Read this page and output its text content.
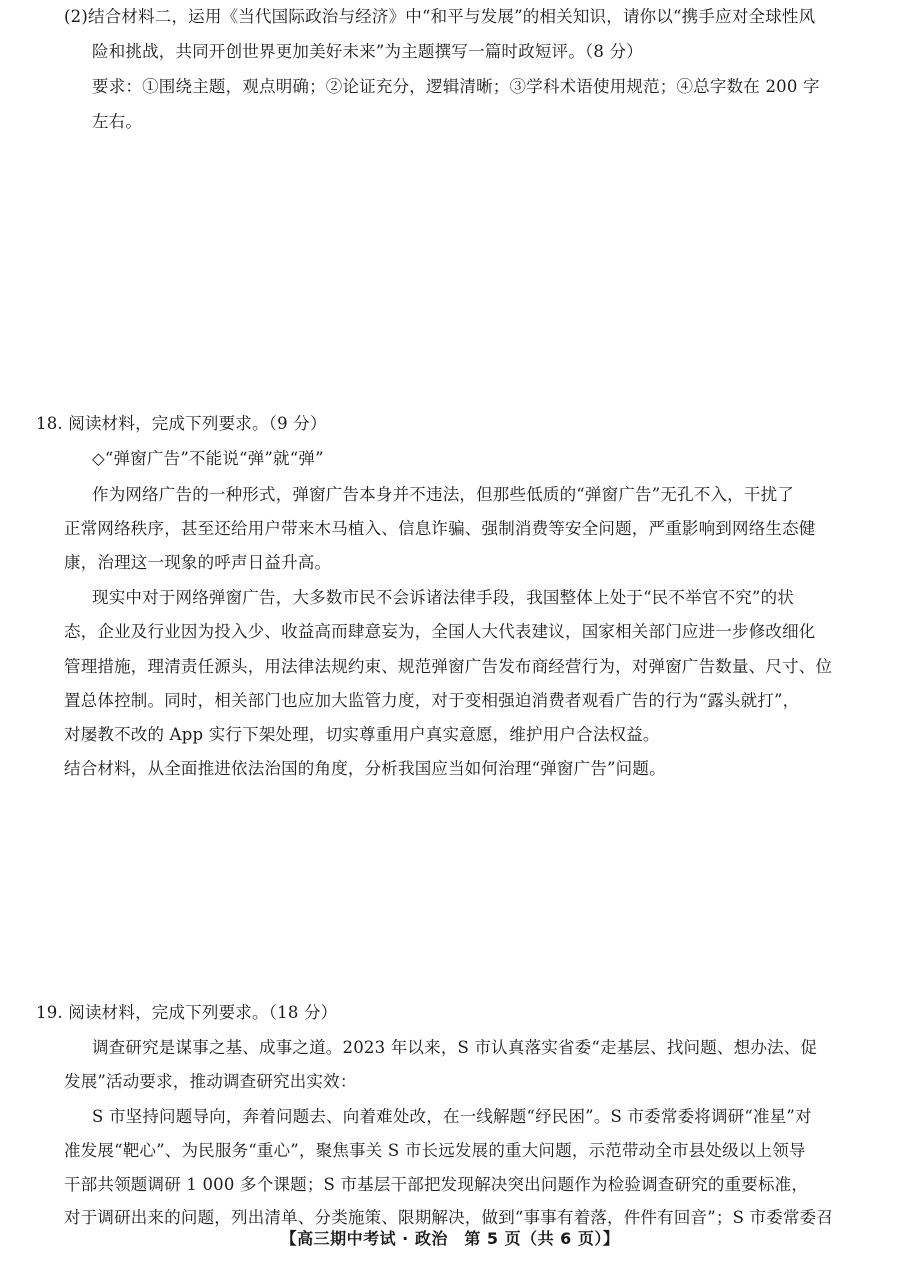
(2)结合材料二，运用《当代国际政治与经济》中“和平与发展”的相关知识，请你以“携手应对全球性风
险和挑战，共同开创世界更加美好未来”为主题撰写一篇时政短评。（8 分）
要求：①围绕主题，观点明确；②论证充分，逻辑清晰；③学科术语使用规范；④总字数在 200 字
左右。
18. 阅读材料，完成下列要求。（9 分）
◇“弹窗广告”不能说“弹”就“弹”
作为网络广告的一种形式，弹窗广告本身并不违法，但那些低质的“弹窗广告”无孔不入，干扰了
正常网络秩序，甚至还给用户带来木马植入、信息诈骗、强制消费等安全问题，严重影响到网络生态健
康，治理这一现象的呼声日益升高。
现实中对于网络弹窗广告，大多数市民不会诉诸法律手段，我国整体上处于“民不举官不究”的状
态，企业及行业因为投入少、收益高而肆意妄为，全国人大代表建议，国家相关部门应进一步修改细化
管理措施，理清责任源头，用法律法规约束、规范弹窗广告发布商经营行为，对弹窗广告数量、尺寸、位
置总体控制。同时，相关部门也应加大监管力度，对于变相强迫消费者观看广告的行为“露头就打”，
对屡教不改的 App 实行下架处理，切实尊重用户真实意愿，维护用户合法权益。
结合材料，从全面推进依法治国的角度，分析我国应当如何治理“弹窗广告”问题。
19. 阅读材料，完成下列要求。（18 分）
调查研究是谋事之基、成事之道。2023 年以来，S 市认真落实省委“走基层、找问题、想办法、促
发展”活动要求，推动调查研究出实效：
S 市坚持问题导向，奔着问题去、向着难处改，在一线解题“纾民困”。S 市委常委将调研“准星”对
准发展“靶心”、为民服务“重心”，聚焦事关 S 市长远发展的重大问题，示范带动全市县处级以上领导
干部共领题调研 1 000 多个课题；S 市基层干部把发现解决突出问题作为检验调查研究的重要标准，
对于调研出来的问题，列出清单、分类施策、限期解决，做到“事事有着落，件件有回音”；S 市委常委召
【高三期中考试 · 政治　第 5 页（共 6 页）】
